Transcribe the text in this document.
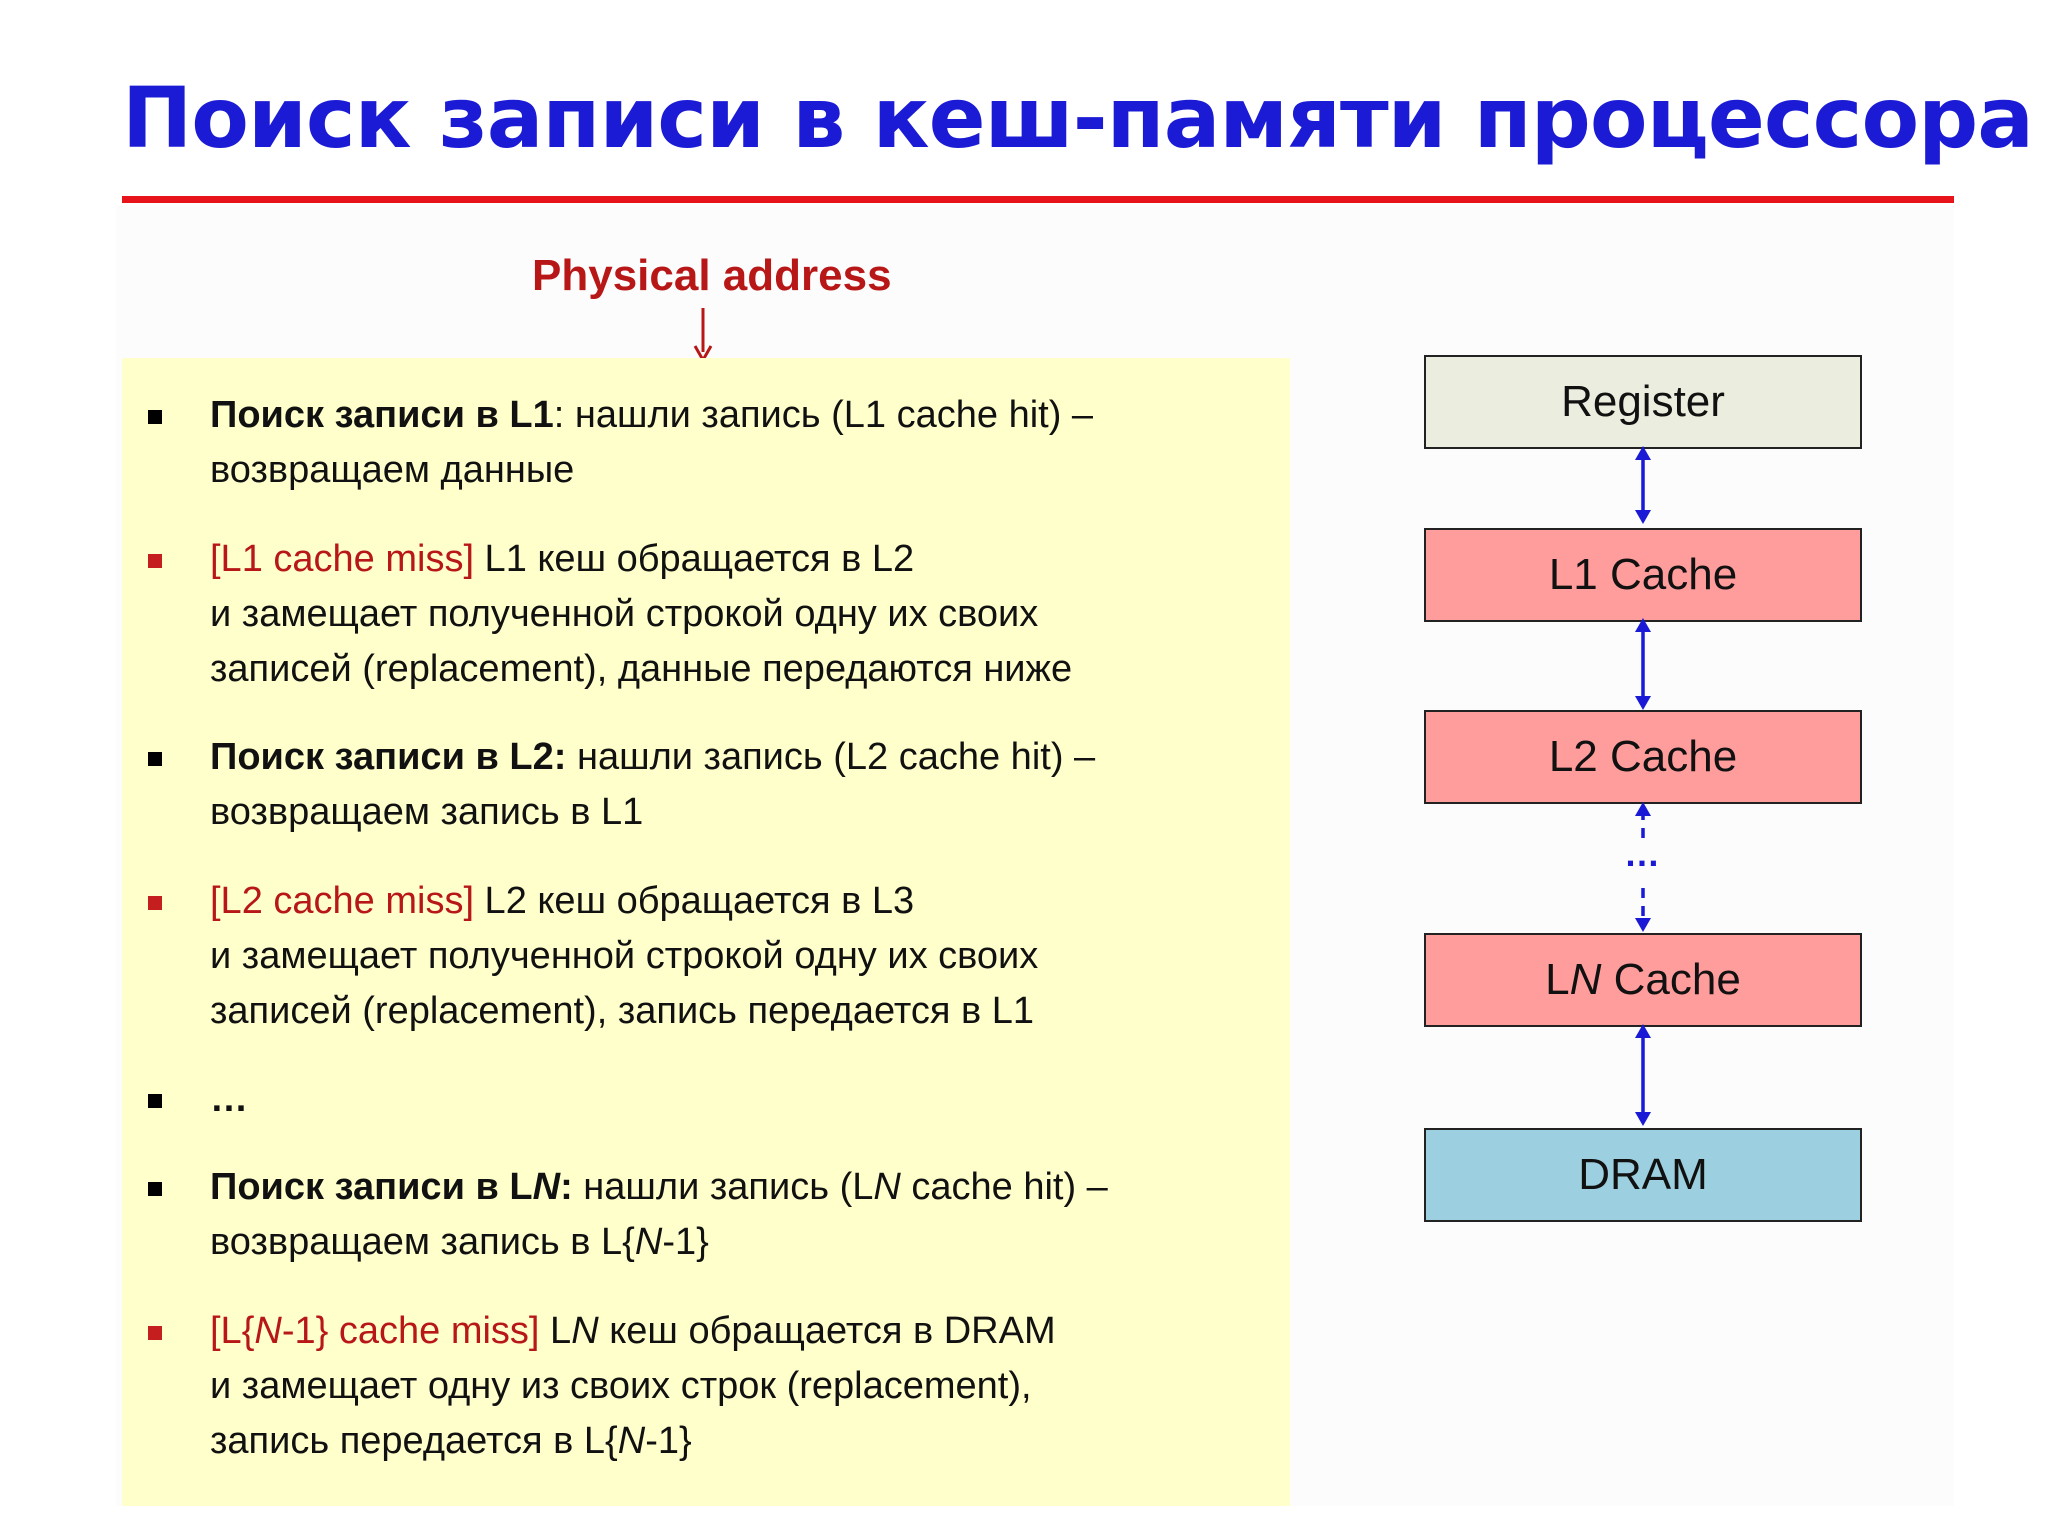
Поиск записи в кеш-памяти процессора
Physical address
Поиск записи в L1: нашли запись (L1 cache hit) –
возвращаем данные
[L1 cache miss] L1 кеш обращается в L2
и замещает полученной строкой одну их своих
записей (replacement), данные передаются ниже
Поиск записи в L2: нашли запись (L2 cache hit) –
возвращаем запись в L1
[L2 cache miss] L2 кеш обращается в L3
и замещает полученной строкой одну их своих
записей (replacement), запись передается в L1
…
Поиск записи в LN: нашли запись (LN cache hit) –
возвращаем запись в L{N-1}
[L{N-1} cache miss] LN кеш обращается в DRAM
и замещает одну из своих строк (replacement),
запись передается в L{N-1}
Register
L1 Cache
L2 Cache
LN Cache
DRAM
…
